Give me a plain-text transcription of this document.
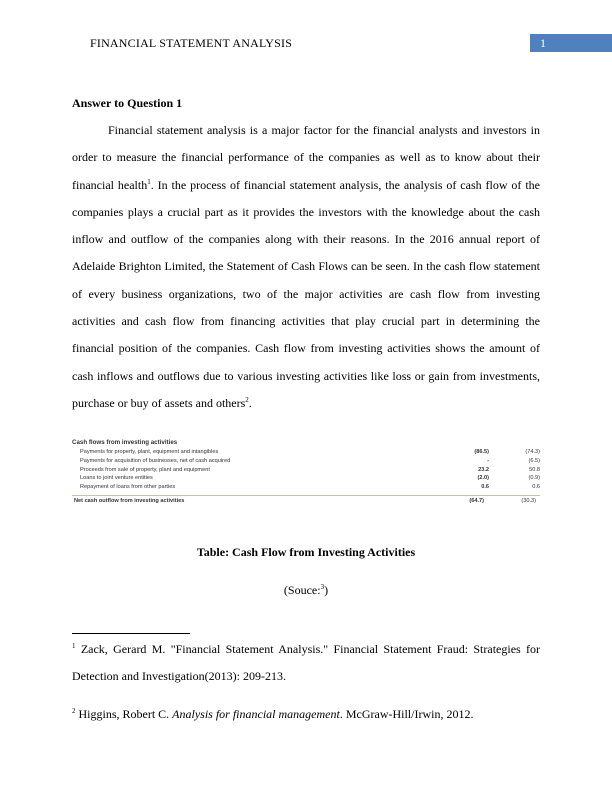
FINANCIAL STATEMENT ANALYSIS	1
Answer to Question 1

Financial statement analysis is a major factor for the financial analysts and investors in order to measure the financial performance of the companies as well as to know about their financial health$^1$. In the process of financial statement analysis, the analysis of cash flow of the companies plays a crucial part as it provides the investors with the knowledge about the cash inflow and outflow of the companies along with their reasons. In the 2016 annual report of Adelaide Brighton Limited, the Statement of Cash Flows can be seen. In the cash flow statement of every business organizations, two of the major activities are cash flow from investing activities and cash flow from financing activities that play crucial part in determining the financial position of the companies. Cash flow from investing activities shows the amount of cash inflows and outflows due to various investing activities like loss or gain from investments, purchase or buy of assets and others$^2$.

Cash flows from investing activities
Payments for property, plant, equipment and intangibles	(86.5)	(74.3)
Payments for acquisition of businesses, net of cash acquired	-	(6.5)
Proceeds from sale of property, plant and equipment	23.2	50.8
Loans to joint venture entities	(2.0)	(0.9)
Repayment of loans from other parties	0.6	0.6
Net cash outflow from investing activities	(64.7)	(30.3)
Table: Cash Flow from Investing Activities
(Souce:$^3$)

$^1$ Zack, Gerard M. "Financial Statement Analysis." Financial Statement Fraud: Strategies for Detection and Investigation(2013): 209-213.

$^2$ Higgins, Robert C. Analysis for financial management. McGraw-Hill/Irwin, 2012.
